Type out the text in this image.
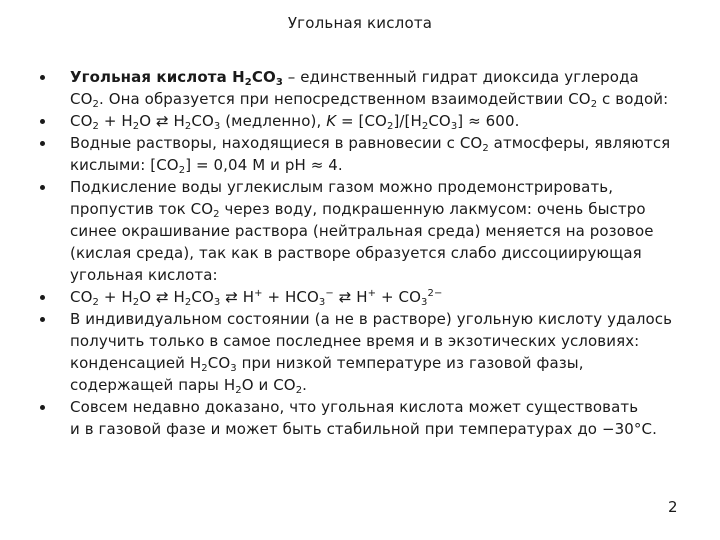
Угольная кислота
Угольная кислота $Н_2СО_3$ – единственный гидрат диоксида углерода
$СО_2$. Она образуется при непосредственном взаимодействии $СО_2$ с водой:
$СО_2 + Н_2О$ ⇄ $Н_2СО_3$ (медленно), $K = [СО_2]/[Н_2СО_3] \approx 600$.
Водные растворы, находящиеся в равновесии с $СО_2$ атмосферы, являются
кислыми: $[СО_2] = 0,04$ М и рН ≈ 4.
Подкисление воды углекислым газом можно продемонстрировать,
пропустив ток $СО_2$ через воду, подкрашенную лакмусом: очень быстро
синее окрашивание раствора (нейтральная среда) меняется на розовое
(кислая среда), так как в растворе образуется слабо диссоциирующая
угольная кислота:
$СО_2 + Н_2О$ ⇄ $Н_2СО_3$ ⇄ $Н^+ + НСО_3^-$ ⇄ $Н^+ + СО_3^{2-}$
В индивидуальном состоянии (а не в растворе) угольную кислоту удалось
получить только в самое последнее время и в экзотических условиях:
конденсацией $Н_2СО_3$ при низкой температуре из газовой фазы,
содержащей пары $Н_2О$ и $СО_2$.
Совсем недавно доказано, что угольная кислота может существовать
и в газовой фазе и может быть стабильной при температурах до −30°С.
2
